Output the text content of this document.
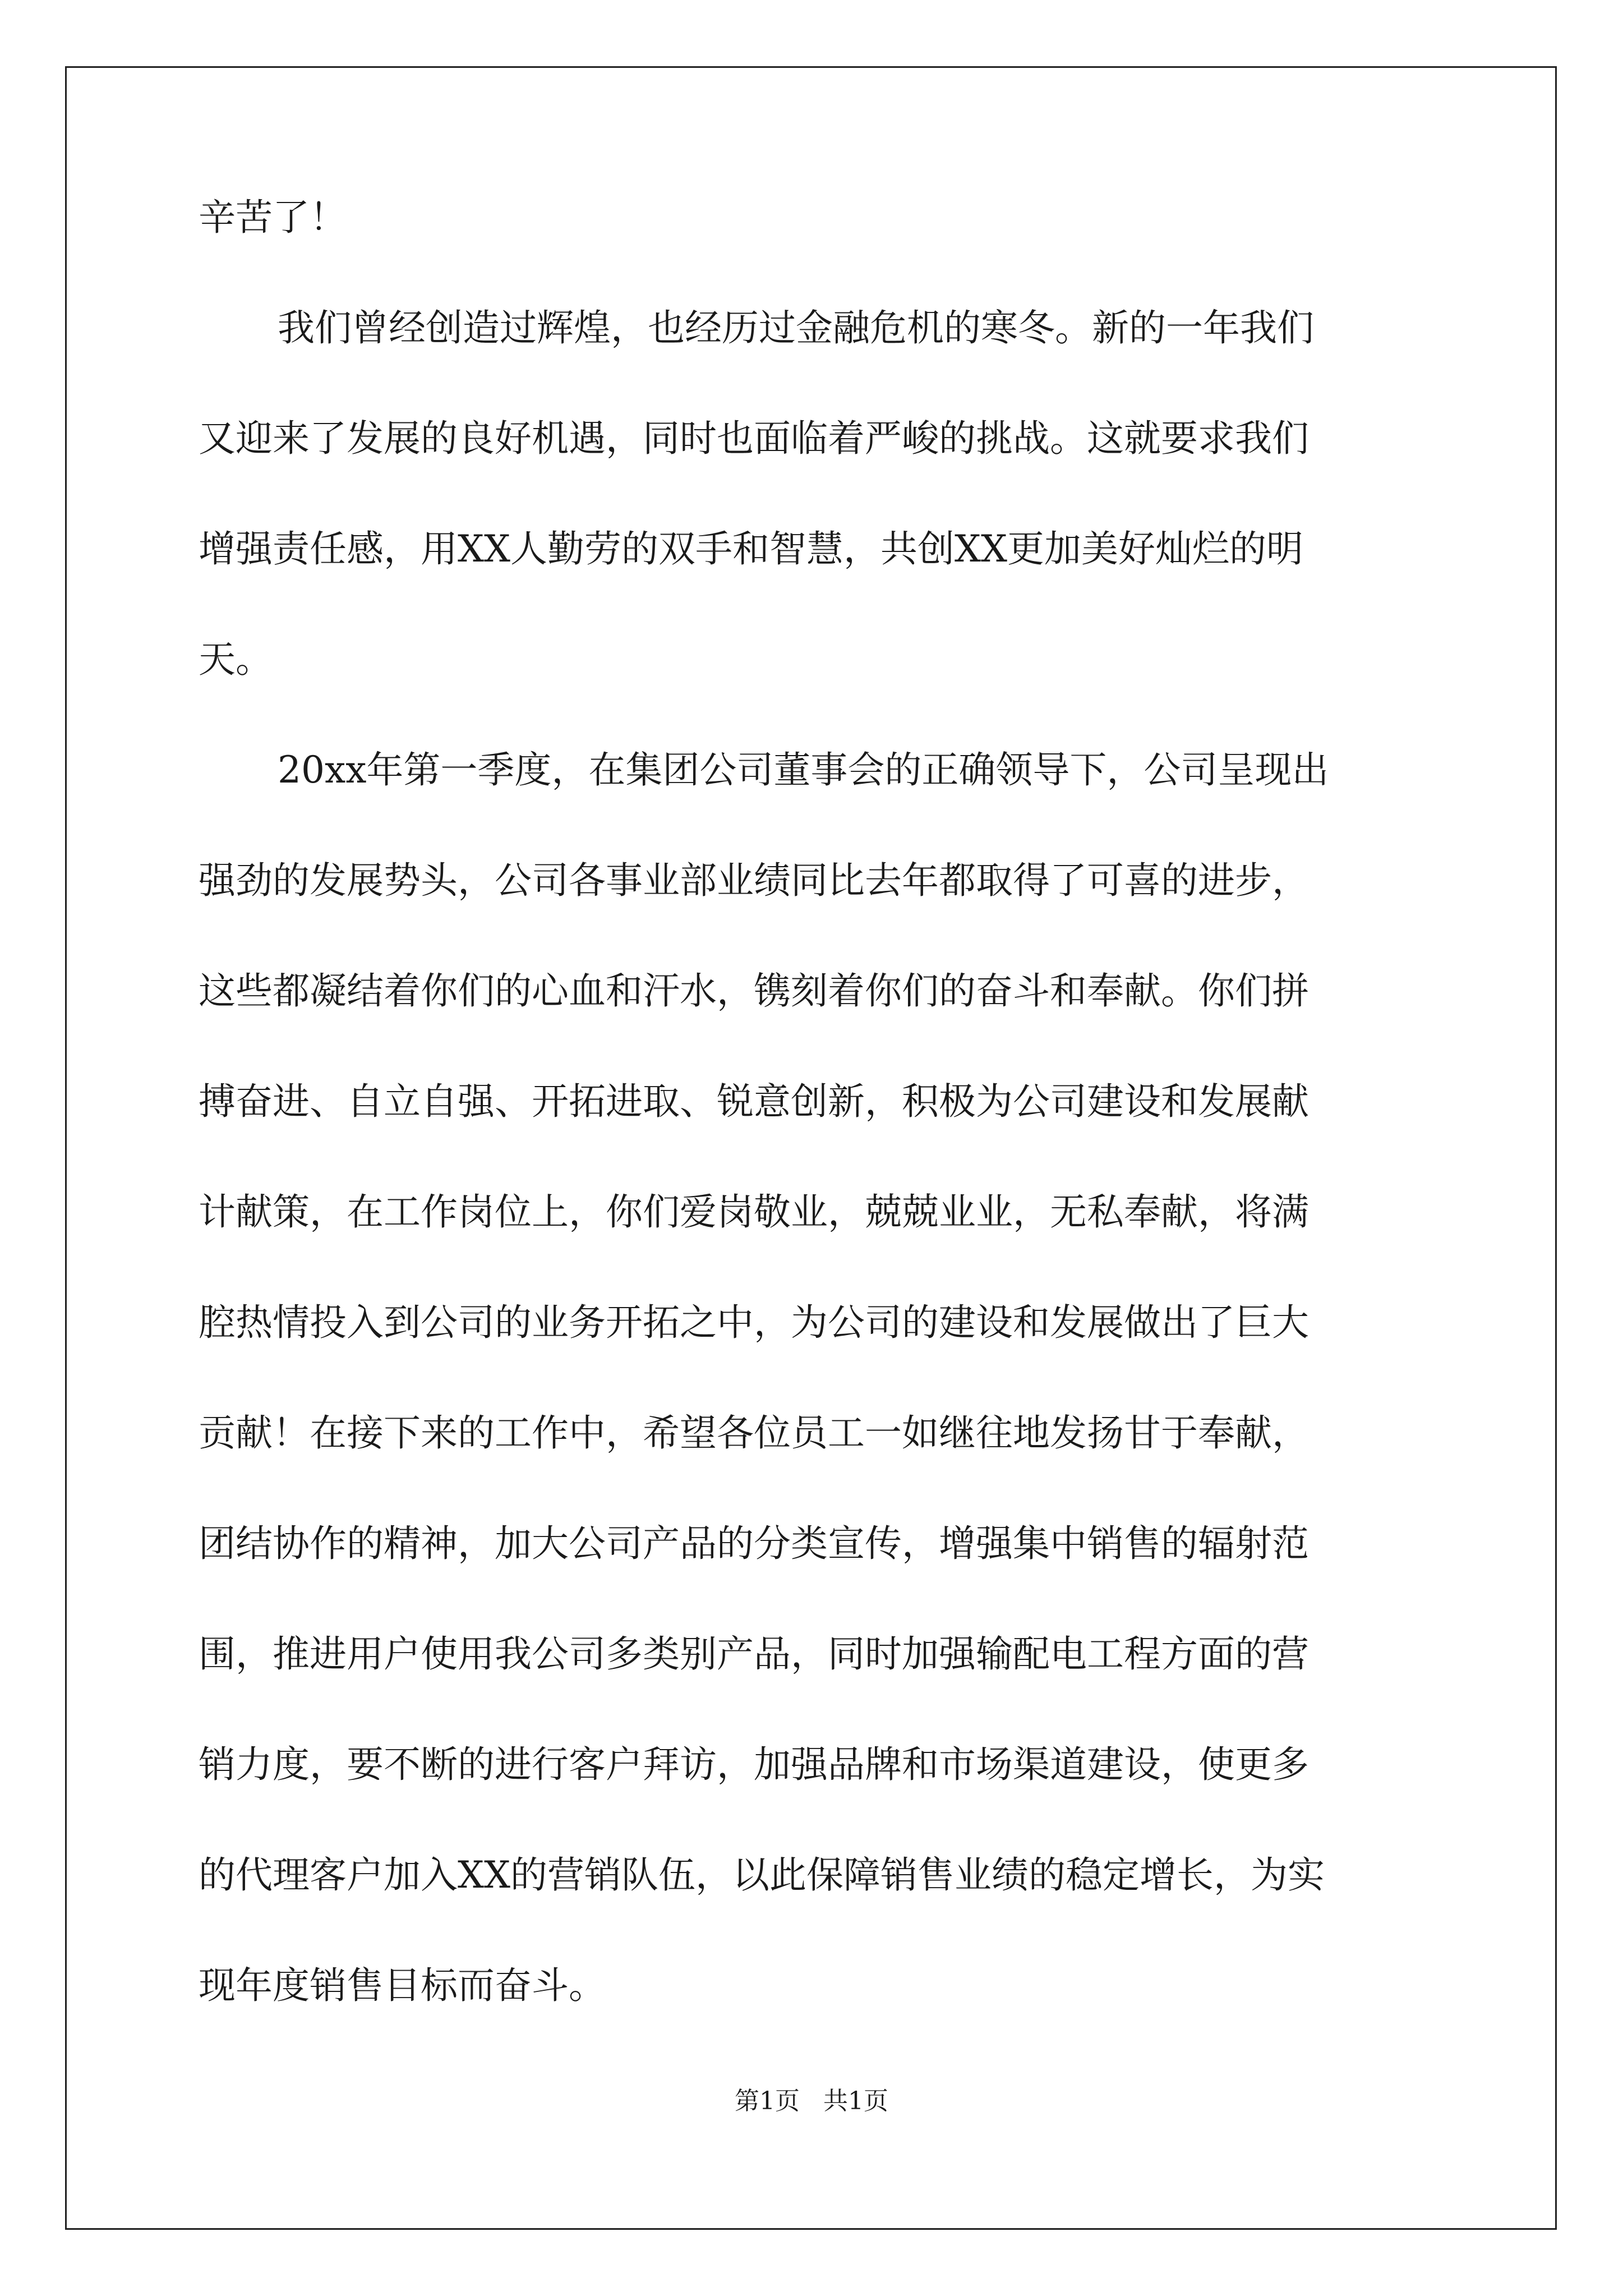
辛苦了！
我们曾经创造过辉煌，也经历过金融危机的寒冬。新的一年我们
又迎来了发展的良好机遇，同时也面临着严峻的挑战。这就要求我们
增强责任感，用XX人勤劳的双手和智慧，共创XX更加美好灿烂的明
天。
20xx年第一季度，在集团公司董事会的正确领导下，公司呈现出
强劲的发展势头，公司各事业部业绩同比去年都取得了可喜的进步，
这些都凝结着你们的心血和汗水，镌刻着你们的奋斗和奉献。你们拼
搏奋进、自立自强、开拓进取、锐意创新，积极为公司建设和发展献
计献策，在工作岗位上，你们爱岗敬业，兢兢业业，无私奉献，将满
腔热情投入到公司的业务开拓之中，为公司的建设和发展做出了巨大
贡献！在接下来的工作中，希望各位员工一如继往地发扬甘于奉献，
团结协作的精神，加大公司产品的分类宣传，增强集中销售的辐射范
围，推进用户使用我公司多类别产品，同时加强输配电工程方面的营
销力度，要不断的进行客户拜访，加强品牌和市场渠道建设，使更多
的代理客户加入XX的营销队伍，以此保障销售业绩的稳定增长，为实
现年度销售目标而奋斗。
第1页   共1页
